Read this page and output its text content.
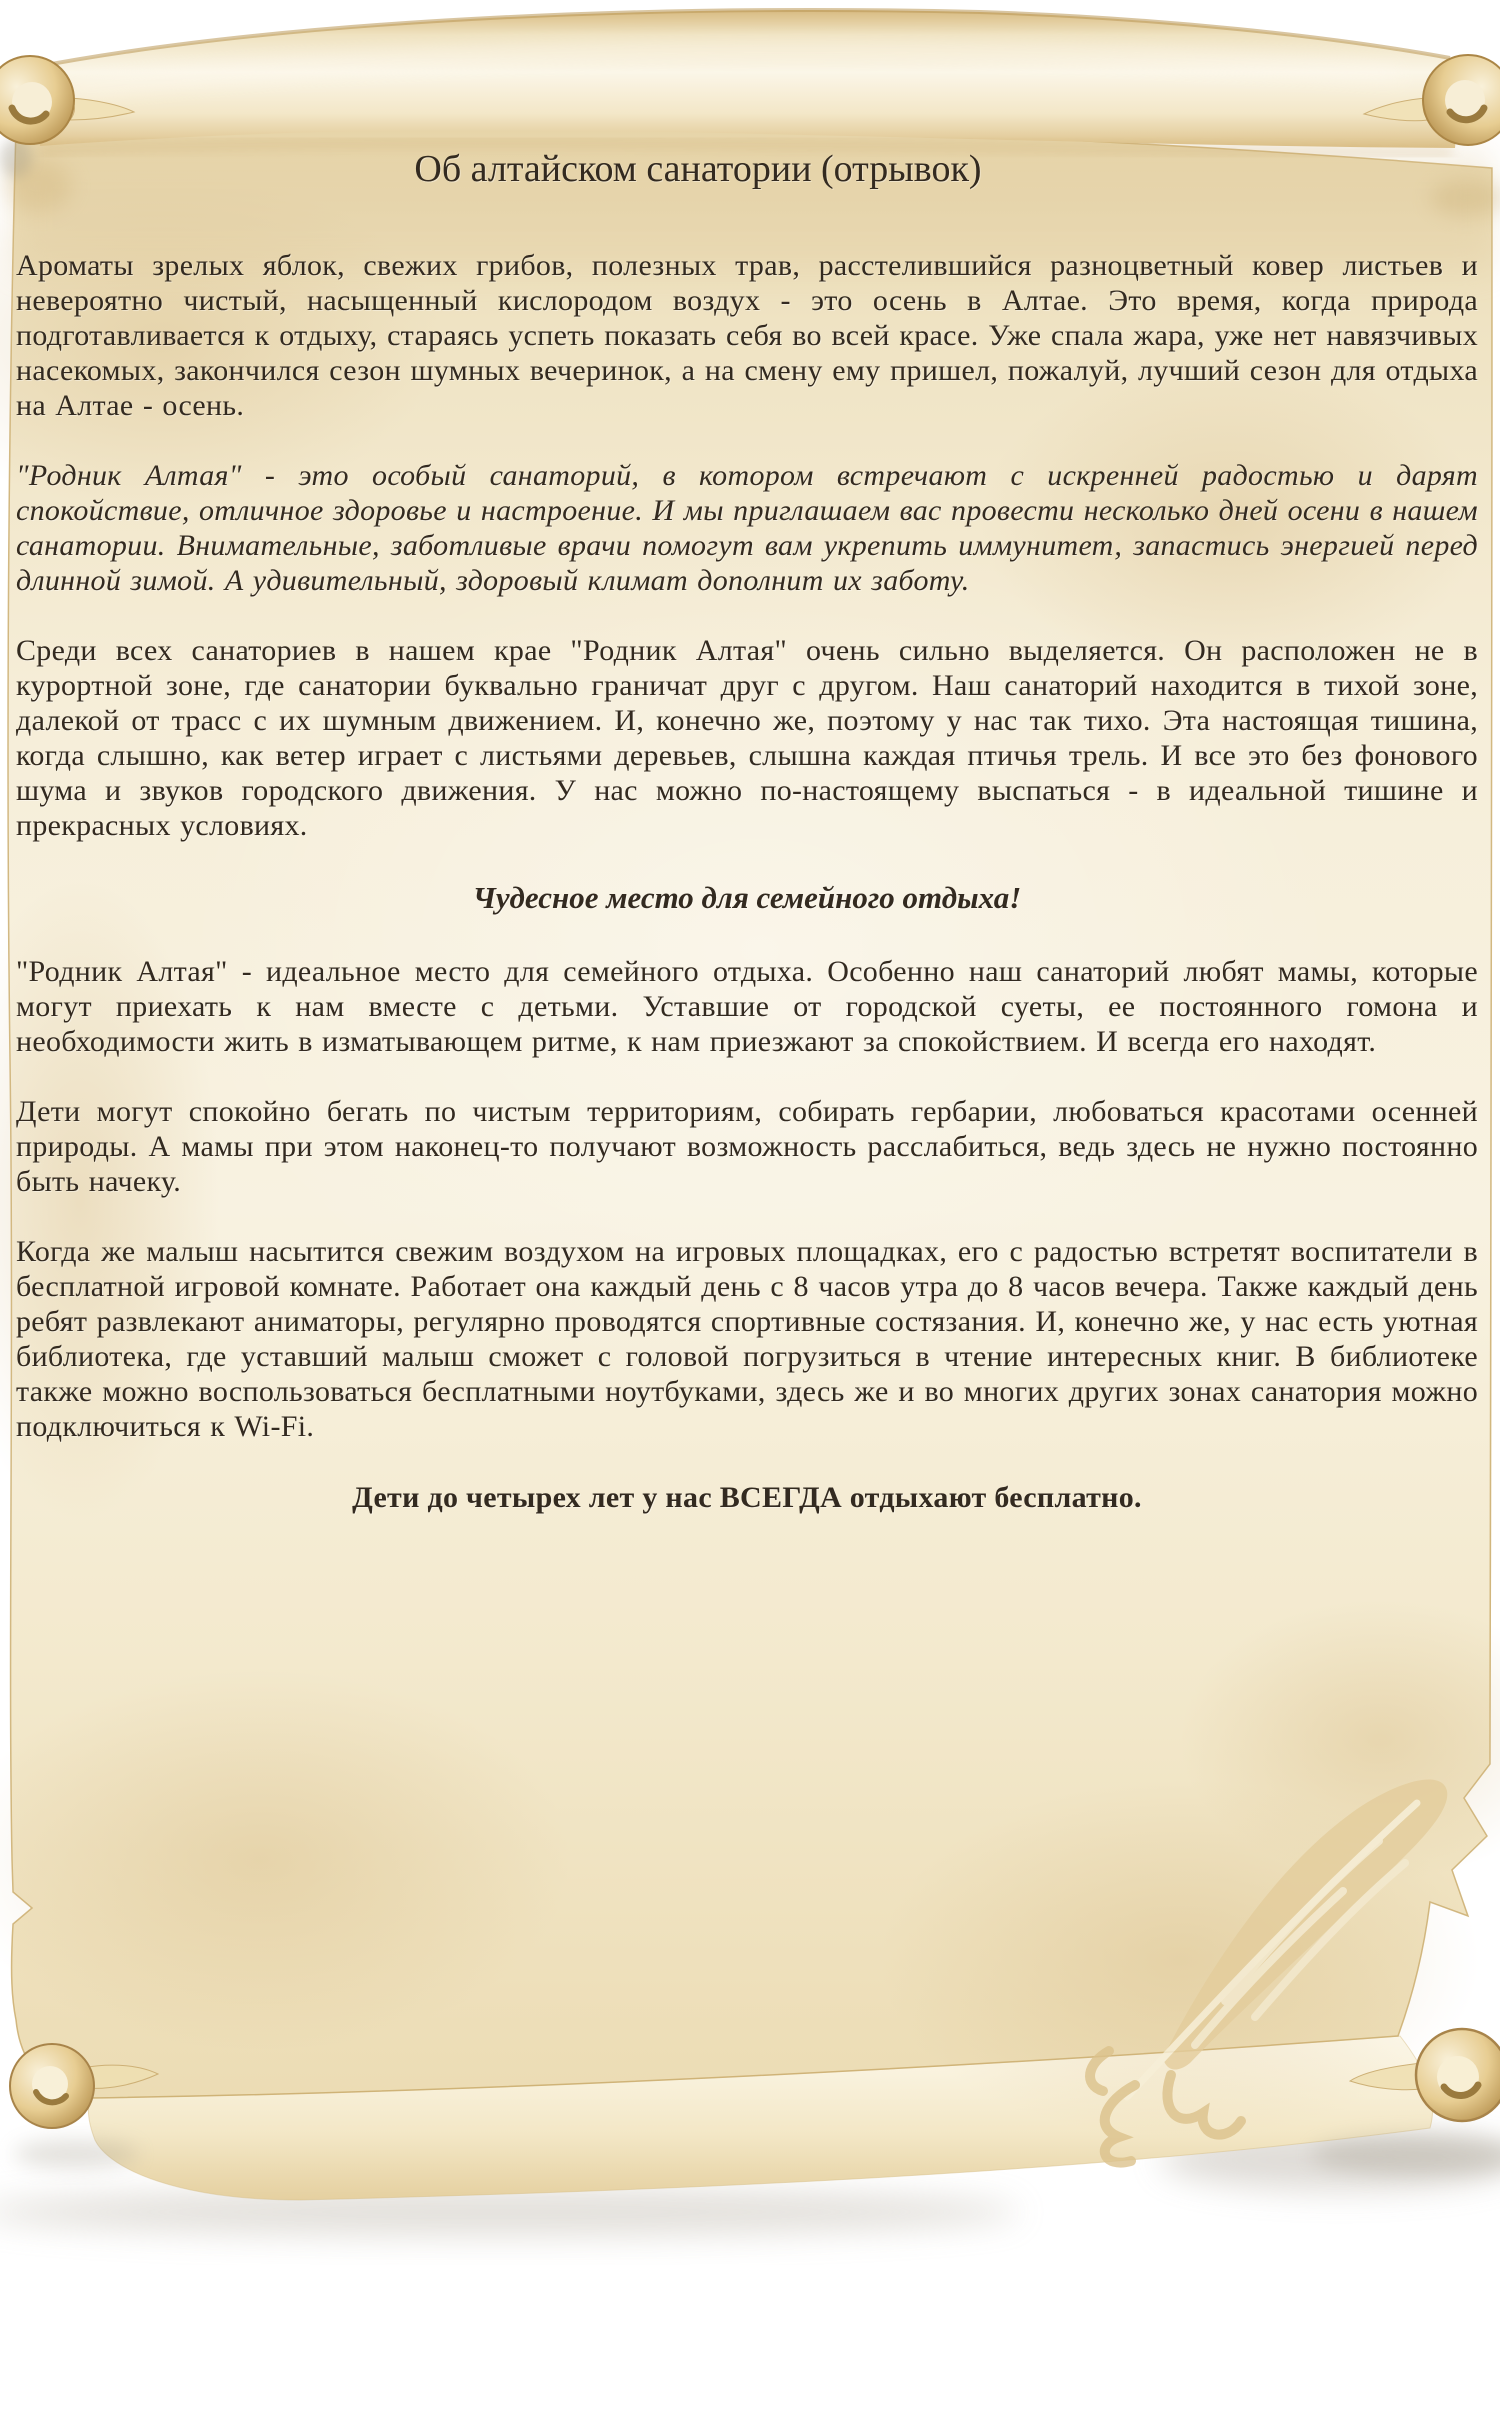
Об алтайском санатории (отрывок)

Ароматы зрелых яблок, свежих грибов, полезных трав, расстелившийся разноцветный ковер листьев и невероятно чистый, насыщенный кислородом воздух - это осень в Алтае. Это время, когда природа подготавливается к отдыху, стараясь успеть показать себя во всей красе. Уже спала жара, уже нет навязчивых насекомых, закончился сезон шумных вечеринок, а на смену ему пришел, пожалуй, лучший сезон для отдыха на Алтае - осень.

"Родник Алтая" - это особый санаторий, в котором встречают с искренней радостью и дарят спокойствие, отличное здоровье и настроение. И мы приглашаем вас провести несколько дней осени в нашем санатории. Внимательные, заботливые врачи помогут вам укрепить иммунитет, запастись энергией перед длинной зимой. А удивительный, здоровый климат дополнит их заботу.

Среди всех санаториев в нашем крае "Родник Алтая" очень сильно выделяется. Он расположен не в курортной зоне, где санатории буквально граничат друг с другом. Наш санаторий находится в тихой зоне, далекой от трасс с их шумным движением. И, конечно же, поэтому у нас так тихо. Эта настоящая тишина, когда слышно, как ветер играет с листьями деревьев, слышна каждая птичья трель. И все это без фонового шума и звуков городского движения. У нас можно по-настоящему выспаться - в идеальной тишине и прекрасных условиях.

Чудесное место для семейного отдыха!

"Родник Алтая" - идеальное место для семейного отдыха. Особенно наш санаторий любят мамы, которые могут приехать к нам вместе с детьми. Уставшие от городской суеты, ее постоянного гомона и необходимости жить в изматывающем ритме, к нам приезжают за спокойствием. И всегда его находят.

Дети могут спокойно бегать по чистым территориям, собирать гербарии, любоваться красотами осенней природы. А мамы при этом наконец-то получают возможность расслабиться, ведь здесь не нужно постоянно быть начеку.

Когда же малыш насытится свежим воздухом на игровых площадках, его с радостью встретят воспитатели в бесплатной игровой комнате. Работает она каждый день с 8 часов утра до 8 часов вечера. Также каждый день ребят развлекают аниматоры, регулярно проводятся спортивные состязания. И, конечно же, у нас есть уютная библиотека, где уставший малыш сможет с головой погрузиться в чтение интересных книг. В библиотеке также можно воспользоваться бесплатными ноутбуками, здесь же и во многих других зонах санатория можно подключиться к Wi-Fi.

Дети до четырех лет у нас ВСЕГДА отдыхают бесплатно.
